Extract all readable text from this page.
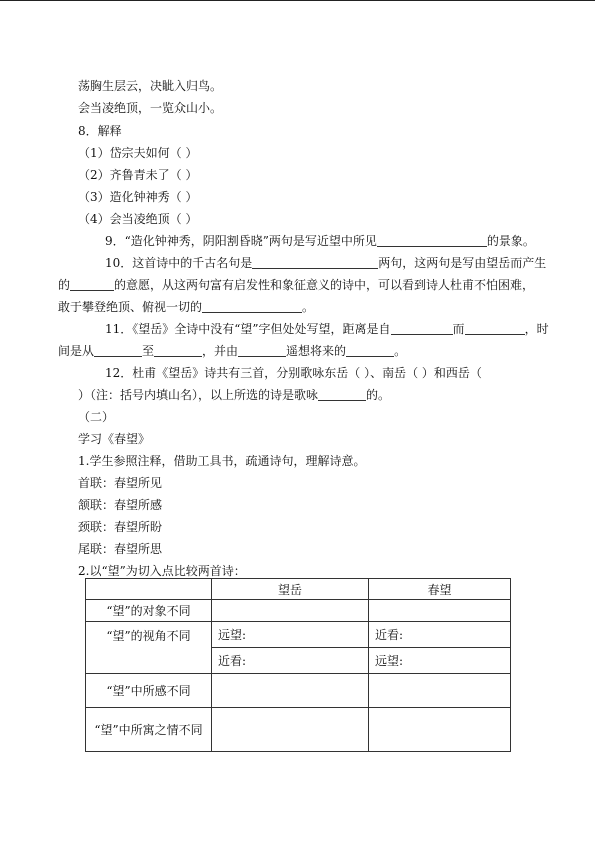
荡胸生层云，决眦入归鸟。
会当凌绝顶，一览众山小。
8．解释
（1）岱宗夫如何（ ）
（2）齐鲁青未了（ ）
（3）造化钟神秀（ ）
（4）会当凌绝顶（ ）
9．“造化钟神秀，阴阳割昏晓”两句是写近望中所见	的景象。
10．这首诗中的千古名句是	两句，这两句是写由望岳而产生
的	的意愿，从这两句富有启发性和象征意义的诗中，可以看到诗人杜甫不怕困难，
敢于攀登绝顶、俯视一切的	。
11．《望岳》全诗中没有“望”字但处处写望，距离是自	而	，时
间是从	至	，并由	遥想将来的	。
12．杜甫《望岳》诗共有三首，分别歌咏东岳（ ）、南岳（ ）和西岳（
）（注：括号内填山名），以上所选的诗是歌咏	的。
（二）
学习《春望》
1.学生参照注释，借助工具书，疏通诗句，理解诗意。
首联：春望所见
颔联：春望所感
颈联：春望所盼
尾联：春望所思
2.以“望”为切入点比较两首诗：
	望岳	春望
“望”的对象不同		
“望”的视角不同	远望:	近看:
	近看:	远望:
“望”中所感不同		
“望”中所寓之情不同		
